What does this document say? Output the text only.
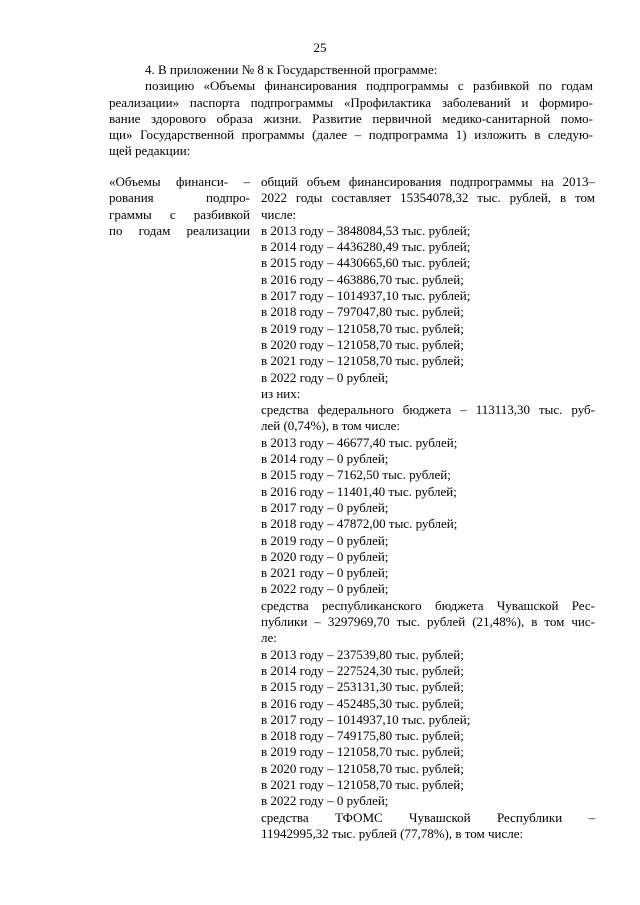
25
4. В приложении № 8 к Государственной программе:
позицию «Объемы финансирования подпрограммы с разбивкой по годам
реализации» паспорта подпрограммы «Профилактика заболеваний и формиро-
вание здорового образа жизни. Развитие первичной медико-санитарной помо-
щи» Государственной программы (далее – подпрограмма 1) изложить в следую-
щей редакции:
«Объемы финанси- –
рования подпро-
граммы с разбивкой
по годам реализации
общий объем финансирования подпрограммы на 2013–
2022 годы составляет 15354078,32 тыс. рублей, в том
числе:
в 2013 году – 3848084,53 тыс. рублей;
в 2014 году – 4436280,49 тыс. рублей;
в 2015 году – 4430665,60 тыс. рублей;
в 2016 году – 463886,70 тыс. рублей;
в 2017 году – 1014937,10 тыс. рублей;
в 2018 году – 797047,80 тыс. рублей;
в 2019 году – 121058,70 тыс. рублей;
в 2020 году – 121058,70 тыс. рублей;
в 2021 году – 121058,70 тыс. рублей;
в 2022 году – 0 рублей;
из них:
средства федерального бюджета – 113113,30 тыс. руб-
лей (0,74%), в том числе:
в 2013 году – 46677,40 тыс. рублей;
в 2014 году – 0 рублей;
в 2015 году – 7162,50 тыс. рублей;
в 2016 году – 11401,40 тыс. рублей;
в 2017 году – 0 рублей;
в 2018 году – 47872,00 тыс. рублей;
в 2019 году – 0 рублей;
в 2020 году – 0 рублей;
в 2021 году – 0 рублей;
в 2022 году – 0 рублей;
средства республиканского бюджета Чувашской Рес-
публики – 3297969,70 тыс. рублей (21,48%), в том чис-
ле:
в 2013 году – 237539,80 тыс. рублей;
в 2014 году – 227524,30 тыс. рублей;
в 2015 году – 253131,30 тыс. рублей;
в 2016 году – 452485,30 тыс. рублей;
в 2017 году – 1014937,10 тыс. рублей;
в 2018 году – 749175,80 тыс. рублей;
в 2019 году – 121058,70 тыс. рублей;
в 2020 году – 121058,70 тыс. рублей;
в 2021 году – 121058,70 тыс. рублей;
в 2022 году – 0 рублей;
средства ТФОМС Чувашской Республики –
11942995,32 тыс. рублей (77,78%), в том числе:
